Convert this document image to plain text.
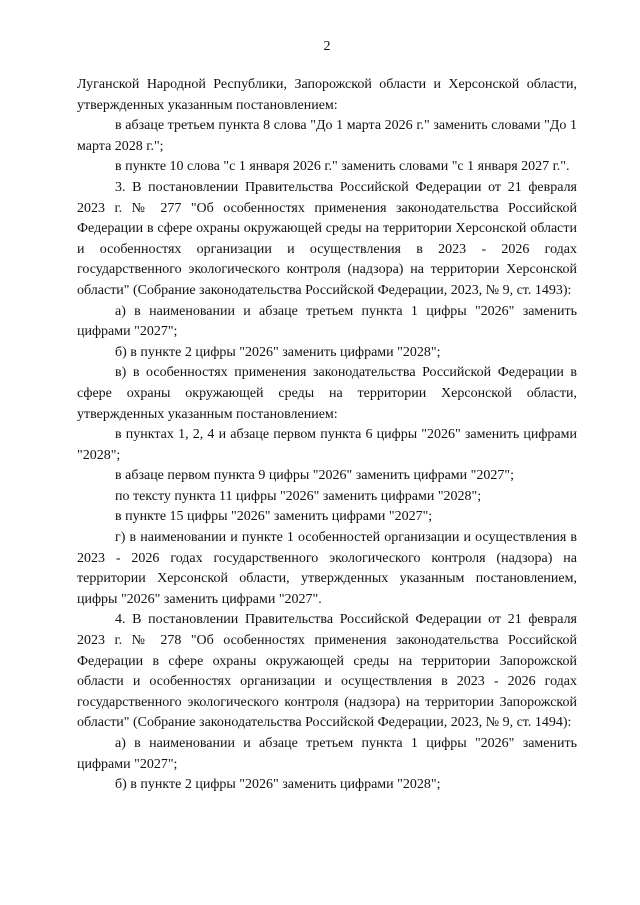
2

Луганской Народной Республики, Запорожской области и Херсонской области, утвержденных указанным постановлением:

в абзаце третьем пункта 8 слова "До 1 марта 2026 г." заменить словами "До 1 марта 2028 г.";

в пункте 10 слова "с 1 января 2026 г." заменить словами "с 1 января 2027 г.".

3. В постановлении Правительства Российской Федерации от 21 февраля 2023 г. № 277 "Об особенностях применения законодательства Российской Федерации в сфере охраны окружающей среды на территории Херсонской области и особенностях организации и осуществления в 2023 - 2026 годах государственного экологического контроля (надзора) на территории Херсонской области" (Собрание законодательства Российской Федерации, 2023, № 9, ст. 1493):

а) в наименовании и абзаце третьем пункта 1 цифры "2026" заменить цифрами "2027";

б) в пункте 2 цифры "2026" заменить цифрами "2028";

в) в особенностях применения законодательства Российской Федерации в сфере охраны окружающей среды на территории Херсонской области, утвержденных указанным постановлением:

в пунктах 1, 2, 4 и абзаце первом пункта 6 цифры "2026" заменить цифрами "2028";

в абзаце первом пункта 9 цифры "2026" заменить цифрами "2027";

по тексту пункта 11 цифры "2026" заменить цифрами "2028";

в пункте 15 цифры "2026" заменить цифрами "2027";

г) в наименовании и пункте 1 особенностей организации и осуществления в 2023 - 2026 годах государственного экологического контроля (надзора) на территории Херсонской области, утвержденных указанным постановлением, цифры "2026" заменить цифрами "2027".

4. В постановлении Правительства Российской Федерации от 21 февраля 2023 г. № 278 "Об особенностях применения законодательства Российской Федерации в сфере охраны окружающей среды на территории Запорожской области и особенностях организации и осуществления в 2023 - 2026 годах государственного экологического контроля (надзора) на территории Запорожской области" (Собрание законодательства Российской Федерации, 2023, № 9, ст. 1494):

а) в наименовании и абзаце третьем пункта 1 цифры "2026" заменить цифрами "2027";

б) в пункте 2 цифры "2026" заменить цифрами "2028";
